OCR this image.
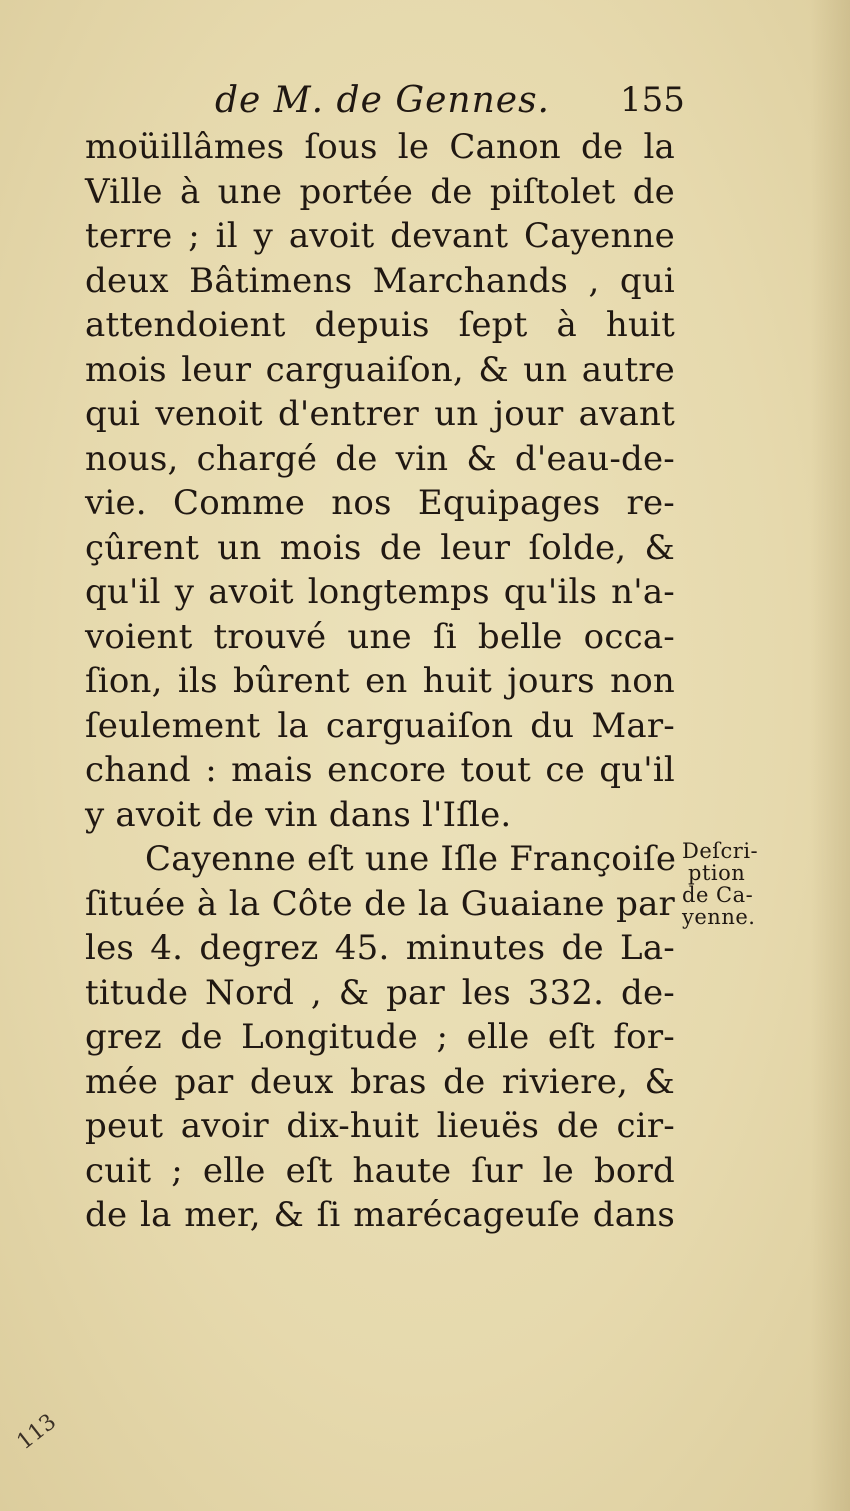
de M. de Gennes. 155
moüillâmes ſous le Canon de la
Ville à une portée de piſtolet de
terre ; il y avoit devant Cayenne
deux Bâtimens Marchands , qui
attendoient depuis ſept à huit
mois leur carguaiſon, & un autre
qui venoit d'entrer un jour avant
nous, chargé de vin & d'eau-de-
vie. Comme nos Equipages re-
çûrent un mois de leur ſolde, &
qu'il y avoit longtemps qu'ils n'a-
voient trouvé une ſi belle occa-
ſion, ils bûrent en huit jours non
ſeulement la carguaiſon du Mar-
chand : mais encore tout ce qu'il
y avoit de vin dans l'Iſle.
Cayenne eſt une Iſle Françoiſe
ſituée à la Côte de la Guaiane par
les 4. degrez 45. minutes de La-
titude Nord , & par les 332. de-
grez de Longitude ; elle eſt for-
mée par deux bras de riviere, &
peut avoir dix-huit lieuës de cir-
cuit ; elle eſt haute ſur le bord
de la mer, & ſi marécageuſe dans
Deſcri-
ption
de Ca-
yenne.
113
